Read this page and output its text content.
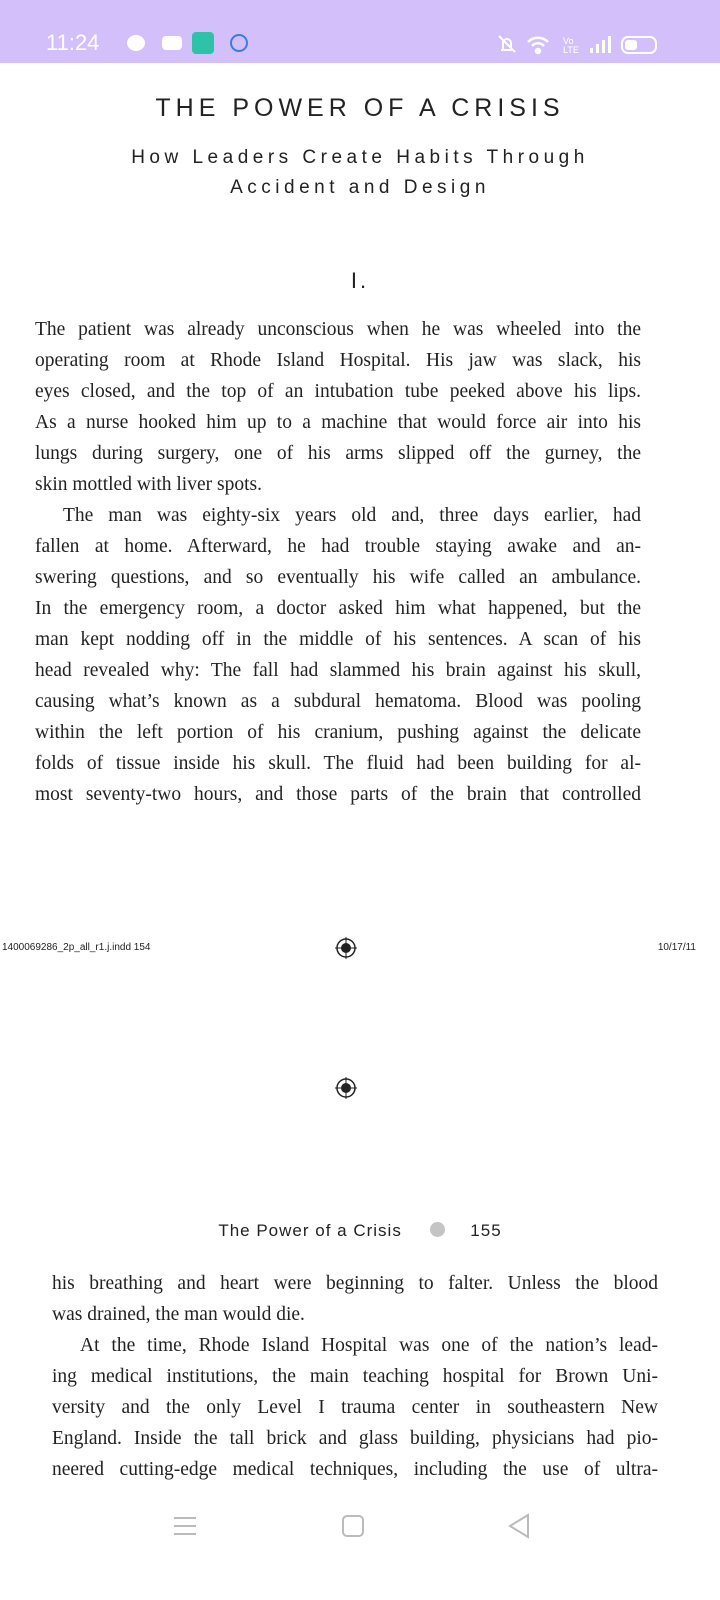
11:24	Vo
LTE
THE POWER OF A CRISIS
How Leaders Create Habits Through
Accident and Design
I.
The patient was already unconscious when he was wheeled into the
operating room at Rhode Island Hospital. His jaw was slack, his
eyes closed, and the top of an intubation tube peeked above his lips.
As a nurse hooked him up to a machine that would force air into his
lungs during surgery, one of his arms slipped off the gurney, the
skin mottled with liver spots.
The man was eighty-six years old and, three days earlier, had
fallen at home. Afterward, he had trouble staying awake and an-
swering questions, and so eventually his wife called an ambulance.
In the emergency room, a doctor asked him what happened, but the
man kept nodding off in the middle of his sentences. A scan of his
head revealed why: The fall had slammed his brain against his skull,
causing what’s known as a subdural hematoma. Blood was pooling
within the left portion of his cranium, pushing against the delicate
folds of tissue inside his skull. The fluid had been building for al-
most seventy-two hours, and those parts of the brain that controlled
1400069286_2p_all_r1.j.indd 154	10/17/11
The Power of a Crisis	155
his breathing and heart were beginning to falter. Unless the blood
was drained, the man would die.
At the time, Rhode Island Hospital was one of the nation’s lead-
ing medical institutions, the main teaching hospital for Brown Uni-
versity and the only Level I trauma center in southeastern New
England. Inside the tall brick and glass building, physicians had pio-
neered cutting-edge medical techniques, including the use of ultra-
